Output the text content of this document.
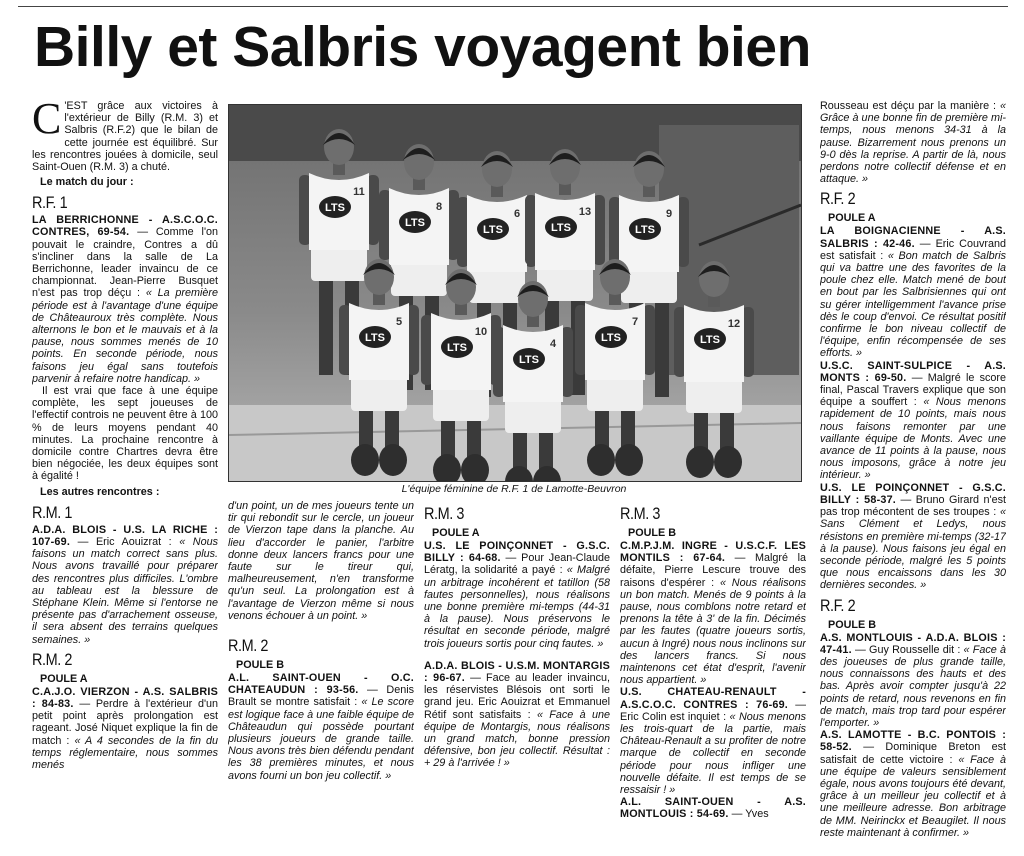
Billy et Salbris voyagent bien

C 'EST grâce aux victoires à l'extérieur de Billy (R.M. 3) et Salbris (R.F.2) que le bilan de cette journée est équilibré. Sur les rencontres jouées à domicile, seul Saint-Ouen (R.M. 3) a chuté.

Le match du jour :
R.F. 1

LA BERRICHONNE - A.S.C.O.C. CONTRES, 69-54. — Comme l'on pouvait le craindre, Contres a dû s'incliner dans la salle de La Berrichonne, leader invaincu de ce championnat. Jean-Pierre Busquet n'est pas trop déçu : « La première période est à l'avantage d'une équipe de Châteauroux très complète. Nous alternons le bon et le mauvais et à la pause, nous sommes menés de 10 points. En seconde période, nous faisons jeu égal sans toutefois parvenir à refaire notre handicap. »

Il est vrai que face à une équipe complète, les sept joueuses de l'effectif controis ne peuvent être à 100 % de leurs moyens pendant 40 minutes. La prochaine rencontre à domicile contre Chartres devra être bien négociée, les deux équipes sont à égalité !

Les autres rencontres :
R.M. 1

A.D.A. BLOIS - U.S. LA RICHE : 107-69. — Eric Aouizrat : « Nous faisons un match correct sans plus. Nous avons travaillé pour préparer des rencontres plus difficiles. L'ombre au tableau est la blessure de Stéphane Klein. Même si l'entorse ne présente pas d'arrachement osseuse, il sera absent des terrains quelques semaines. »

R.M. 2
POULE A

C.A.J.O. VIERZON - A.S. SALBRIS : 84-83. — Perdre à l'extérieur d'un petit point après prolongation est rageant. José Niquet explique la fin de match : « A 4 secondes de la fin du temps réglementaire, nous sommes menés

LTS
11
LTS
8
LTS
6
LTS
13
LTS
9
LTS
5
LTS
10
LTS
4	LTS
7
LTS
12
L'équipe féminine de R.F. 1 de Lamotte-Beuvron

d'un point, un de mes joueurs tente un tir qui rebondit sur le cercle, un joueur de Vierzon tape dans la planche. Au lieu d'accorder le panier, l'arbitre donne deux lancers francs pour une faute sur le tireur qui, malheureusement, n'en transforme qu'un seul. La prolongation est à l'avantage de Vierzon même si nous venons échouer à un point. »

R.M. 2
POULE B

A.L. SAINT-OUEN - O.C. CHATEAUDUN : 93-56. — Denis Brault se montre satisfait : « Le score est logique face à une faible équipe de Châteaudun qui possède pourtant plusieurs joueurs de grande taille. Nous avons très bien défendu pendant les 38 premières minutes, et nous avons fourni un bon jeu collectif. »

R.M. 3
POULE A

U.S. LE POINÇONNET - G.S.C. BILLY : 64-68. — Pour Jean-Claude Lératg, la solidarité a payé : « Malgré un arbitrage incohérent et tatillon (58 fautes personnelles), nous réalisons une bonne première mi-temps (44-31 à la pause). Nous préservons le résultat en seconde période, malgré trois joueurs sortis pour cinq fautes. »

A.D.A. BLOIS - U.S.M. MONTARGIS : 96-67. — Face au leader invaincu, les réservistes Blésois ont sorti le grand jeu. Eric Aouizrat et Emmanuel Rétif sont satisfaits : « Face à une équipe de Montargis, nous réalisons un grand match, bonne pression défensive, bon jeu collectif. Résultat : + 29 à l'arrivée ! »

R.M. 3
POULE B

C.M.P.J.M. INGRE - U.S.C.F. LES MONTILS : 67-64. — Malgré la défaite, Pierre Lescure trouve des raisons d'espérer : « Nous réalisons un bon match. Menés de 9 points à la pause, nous comblons notre retard et prenons la tête à 3' de la fin. Décimés par les fautes (quatre joueurs sortis, aucun à Ingré) nous nous inclinons sur des lancers francs. Si nous maintenons cet état d'esprit, l'avenir nous appartient. »

U.S. CHATEAU-RENAULT - A.S.C.O.C. CONTRES : 76-69. — Eric Colin est inquiet : « Nous menons les trois-quart de la partie, mais Château-Renault a su profiter de notre marque de collectif en seconde période pour nous infliger une nouvelle défaite. Il est temps de se ressaisir ! »

A.L. SAINT-OUEN - A.S. MONTLOUIS : 54-69. — Yves

Rousseau est déçu par la manière : « Grâce à une bonne fin de première mi-temps, nous menons 34-31 à la pause. Bizarrement nous prenons un 9-0 dès la reprise. A partir de là, nous perdons notre collectif défense et en attaque. »

R.F. 2
POULE A

LA BOIGNACIENNE - A.S. SALBRIS : 42-46. — Eric Couvrand est satisfait : « Bon match de Salbris qui va battre une des favorites de la poule chez elle. Match mené de bout en bout par les Salbrisiennes qui ont su gérer intelligemment l'avance prise dès le coup d'envoi. Ce résultat positif confirme le bon niveau collectif de l'équipe, enfin récompensée de ses efforts. »

U.S.C. SAINT-SULPICE - A.S. MONTS : 69-50. — Malgré le score final, Pascal Travers explique que son équipe a souffert : « Nous menons rapidement de 10 points, mais nous nous faisons remonter par une vaillante équipe de Monts. Avec une avance de 11 points à la pause, nous nous imposons, grâce à notre jeu intérieur. »

U.S. LE POINÇONNET - G.S.C. BILLY : 58-37. — Bruno Girard n'est pas trop mécontent de ses troupes : « Sans Clément et Ledys, nous résistons en première mi-temps (32-17 à la pause). Nous faisons jeu égal en seconde période, malgré les 5 points que nous encaissons dans les 30 dernières secondes. »

R.F. 2
POULE B

A.S. MONTLOUIS - A.D.A. BLOIS : 47-41. — Guy Rousselle dit : « Face à des joueuses de plus grande taille, nous connaissons des hauts et des bas. Après avoir compter jusqu'à 22 points de retard, nous revenons en fin de match, mais trop tard pour espérer l'emporter. »

A.S. LAMOTTE - B.C. PONTOIS : 58-52. — Dominique Breton est satisfait de cette victoire : « Face à une équipe de valeurs sensiblement égale, nous avons toujours été devant, grâce à un meilleur jeu collectif et à une meilleure adresse. Bon arbitrage de MM. Neirinckx et Beaugilet. Il nous reste maintenant à confirmer. »
